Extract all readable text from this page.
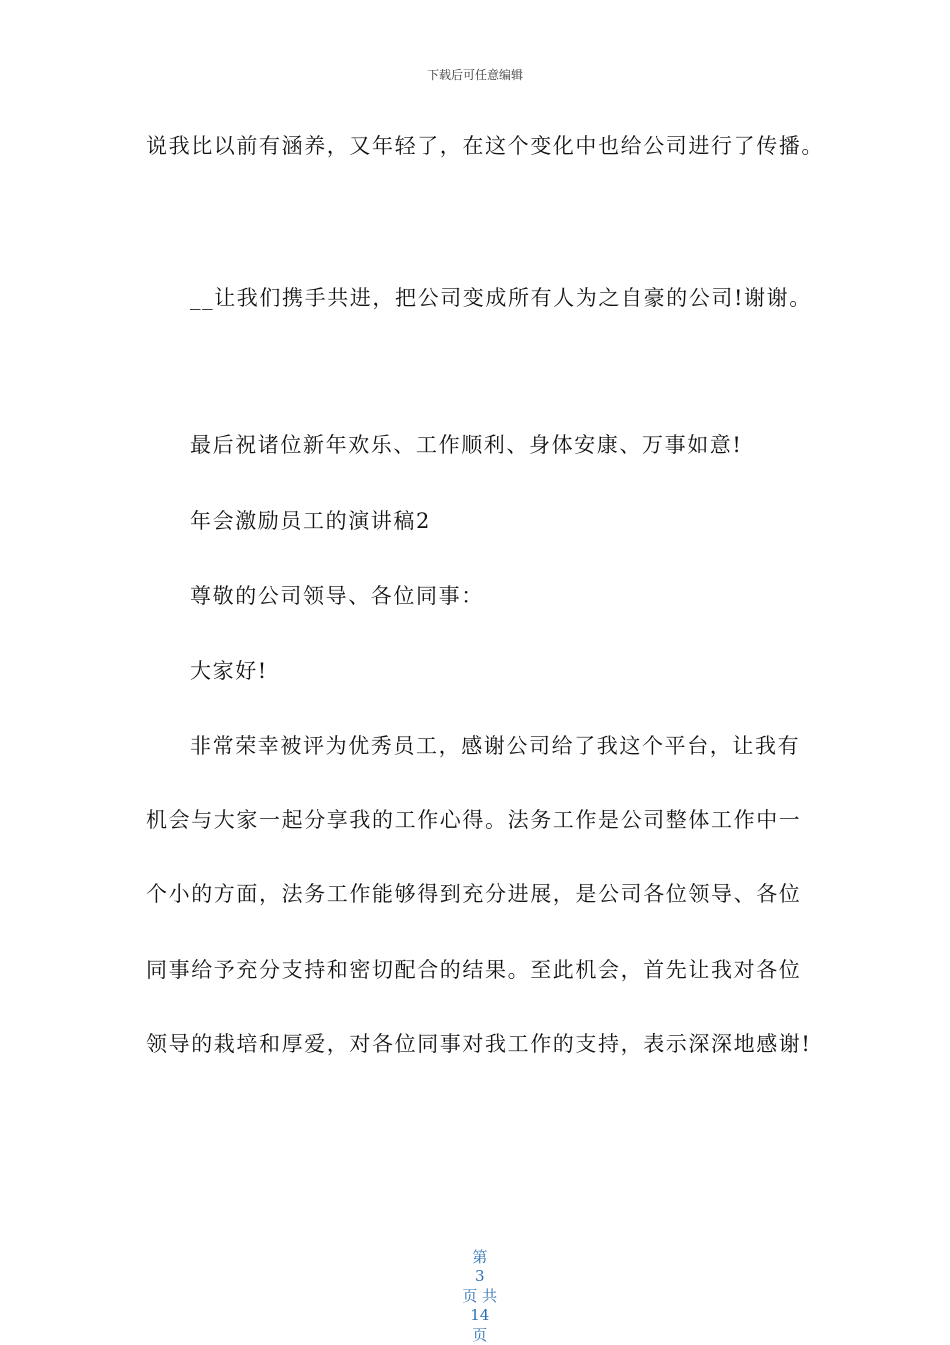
下载后可任意编辑
说我比以前有涵养，又年轻了，在这个变化中也给公司进行了传播。
__让我们携手共进，把公司变成所有人为之自豪的公司!谢谢。
最后祝诸位新年欢乐、工作顺利、身体安康、万事如意!
年会激励员工的演讲稿2
尊敬的公司领导、各位同事：
大家好!
非常荣幸被评为优秀员工，感谢公司给了我这个平台，让我有
机会与大家一起分享我的工作心得。法务工作是公司整体工作中一
个小的方面，法务工作能够得到充分进展，是公司各位领导、各位
同事给予充分支持和密切配合的结果。至此机会，首先让我对各位
领导的栽培和厚爱，对各位同事对我工作的支持，表示深深地感谢!

第
3
页 共
14
页
